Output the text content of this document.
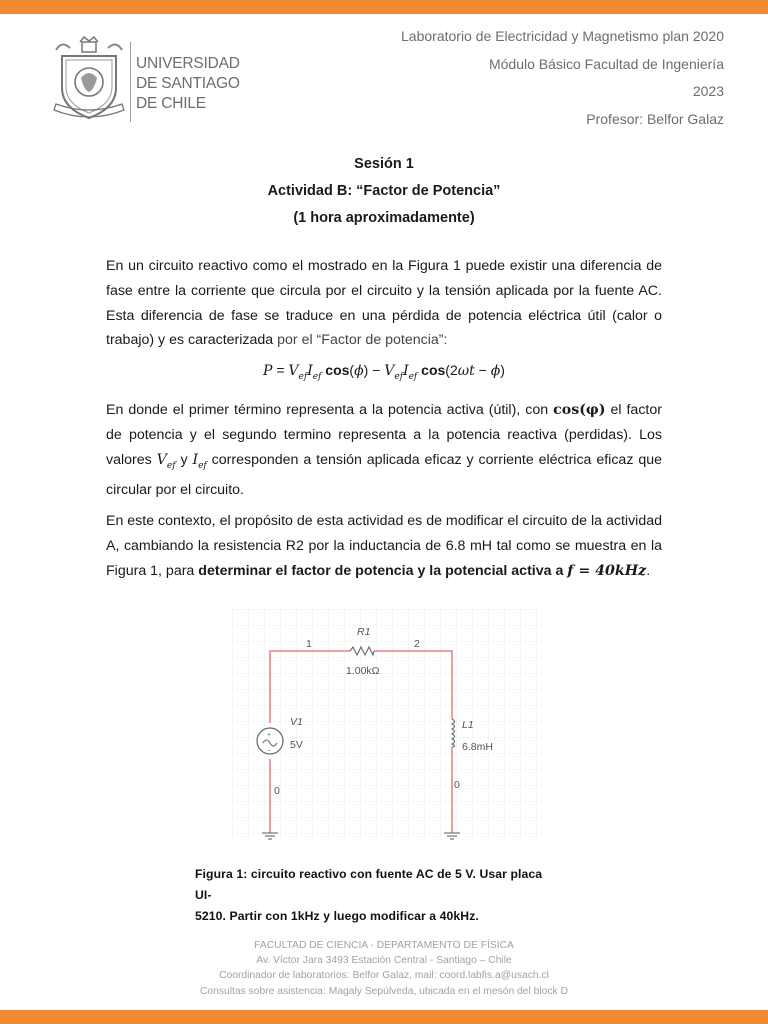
UNIVERSIDAD
DE SANTIAGO
DE CHILE
Laboratorio de Electricidad y Magnetismo plan 2020
Módulo Básico Facultad de Ingeniería
2023
Profesor: Belfor Galaz
Sesión 1
Actividad B: “Factor de Potencia”
(1 hora aproximadamente)
En un circuito reactivo como el mostrado en la Figura 1 puede existir una diferencia de fase entre la corriente que circula por el circuito y la tensión aplicada por la fuente AC. Esta diferencia de fase se traduce en una pérdida de potencia eléctrica útil (calor o trabajo) y es caracterizada por el “Factor de potencia”:
$P = V_{ef}I_{ef}$ $\cos(\phi) - V_{ef}I_{ef}$ cos(2ωt − ϕ)
En donde el primer término representa a la potencia activa (útil), con cos(φ) el factor de potencia y el segundo termino representa a la potencia reactiva (perdidas). Los valores $V_{ef}$ y $I_{ef}$ corresponden a tensión aplicada eficaz y corriente eléctrica eficaz que circular por el circuito.
En este contexto, el propósito de esta actividad es de modificar el circuito de la actividad A, cambiando la resistencia R2 por la inductancia de 6.8 mH tal como se muestra en la Figura 1, para determinar el factor de potencia y la potencial activa a f = 40kHz.
+
−
1	2
R1
1.00kΩ
V1
5V
L1
6.8mH
0	0
Figura 1: circuito reactivo con fuente AC de 5 V. Usar placa UI-
5210. Partir con 1kHz y luego modificar a 40kHz.
FACULTAD DE CIENCIA - DEPARTAMENTO DE FÍSICA
Av. Víctor Jara 3493 Estación Central - Santiago – Chile
Coordinador de laboratorios: Belfor Galaz, mail: coord.labfis.a@usach.cl
Consultas sobre asistencia: Magaly Sepúlveda, ubicada en el mesón del block D
